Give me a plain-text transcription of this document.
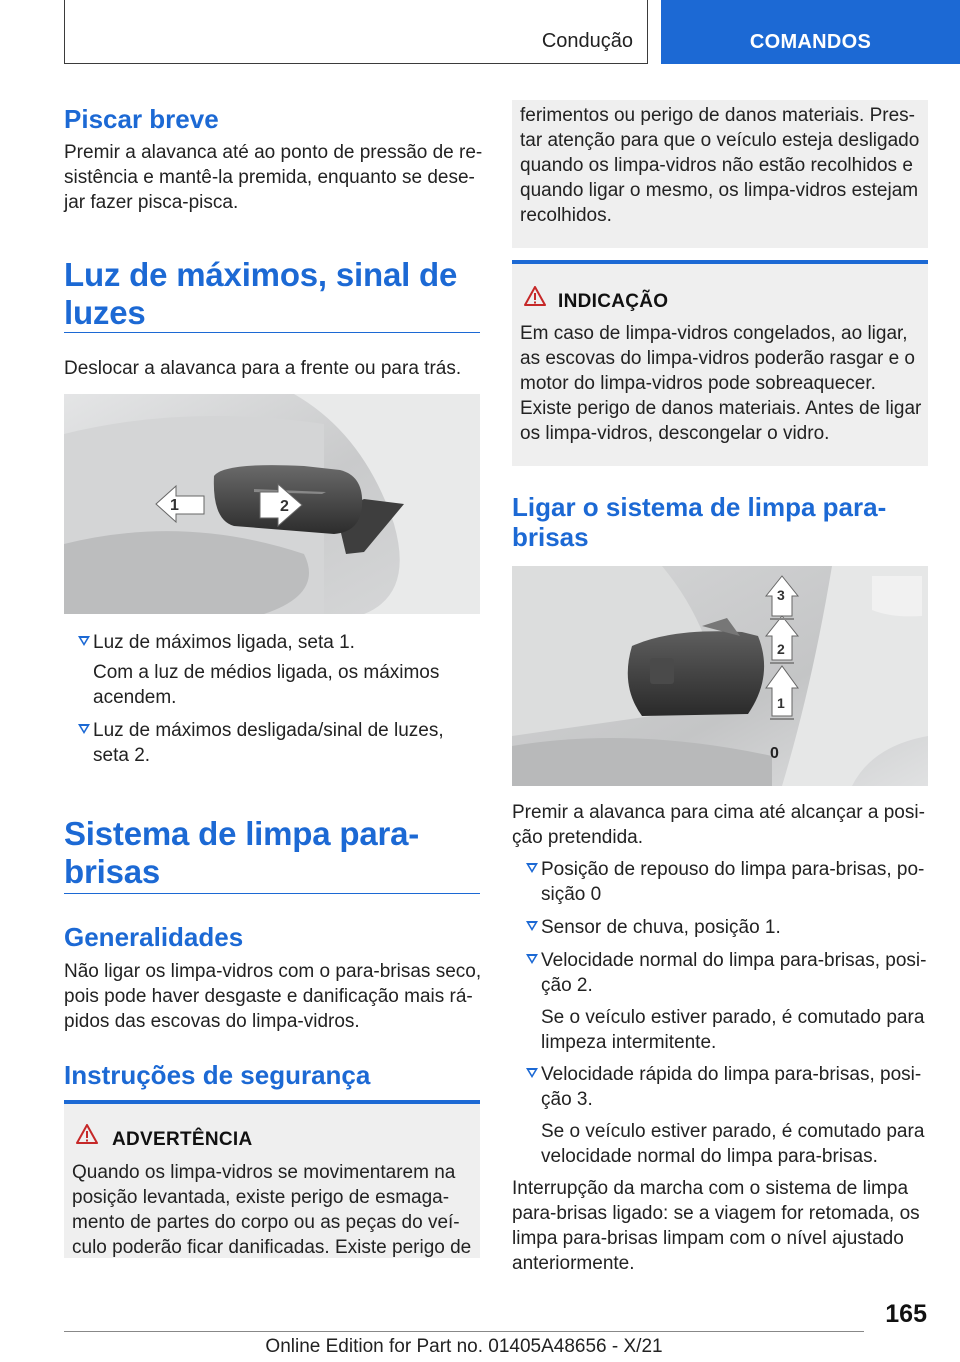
Condução	COMANDOS
Piscar breve

Premir a alavanca até ao ponto de pressão de re-
sistência e mantê-la premida, enquanto se dese-
jar fazer pisca-pisca.

Luz de máximos, sinal de
luzes

Deslocar a alavanca para a frente ou para trás.

1	2
Luz de máximos ligada, seta 1.

Com a luz de médios ligada, os máximos

acendem.

Luz de máximos desligada/sinal de luzes,
seta 2.
Sistema de limpa para-
brisas
Generalidades

Não ligar os limpa-vidros com o para-brisas seco,
pois pode haver desgaste e danificação mais rá-
pidos das escovas do limpa-vidros.

Instruções de segurança
ADVERTÊNCIA

Quando os limpa-vidros se movimentarem na
posição levantada, existe perigo de esmaga-
mento de partes do corpo ou as peças do veí-
culo poderão ficar danificadas. Existe perigo de

ferimentos ou perigo de danos materiais. Pres-
tar atenção para que o veículo esteja desligado
quando os limpa-vidros não estão recolhidos e
quando ligar o mesmo, os limpa-vidros estejam
recolhidos.

INDICAÇÃO

Em caso de limpa-vidros congelados, ao ligar,
as escovas do limpa-vidros poderão rasgar e o
motor do limpa-vidros pode sobreaquecer.
Existe perigo de danos materiais. Antes de ligar
os limpa-vidros, descongelar o vidro.

Ligar o sistema de limpa para-
brisas
3
2
1
0

Premir a alavanca para cima até alcançar a posi-
ção pretendida.

Posição de repouso do limpa para-brisas, po-
sição 0
Sensor de chuva, posição 1.
Velocidade normal do limpa para-brisas, posi-
ção 2.

Se o veículo estiver parado, é comutado para
limpeza intermitente.

Velocidade rápida do limpa para-brisas, posi-
ção 3.

Se o veículo estiver parado, é comutado para
velocidade normal do limpa para-brisas.

Interrupção da marcha com o sistema de limpa
para-brisas ligado: se a viagem for retomada, os
limpa para-brisas limpam com o nível ajustado
anteriormente.

165
Online Edition for Part no. 01405A48656 - X/21
